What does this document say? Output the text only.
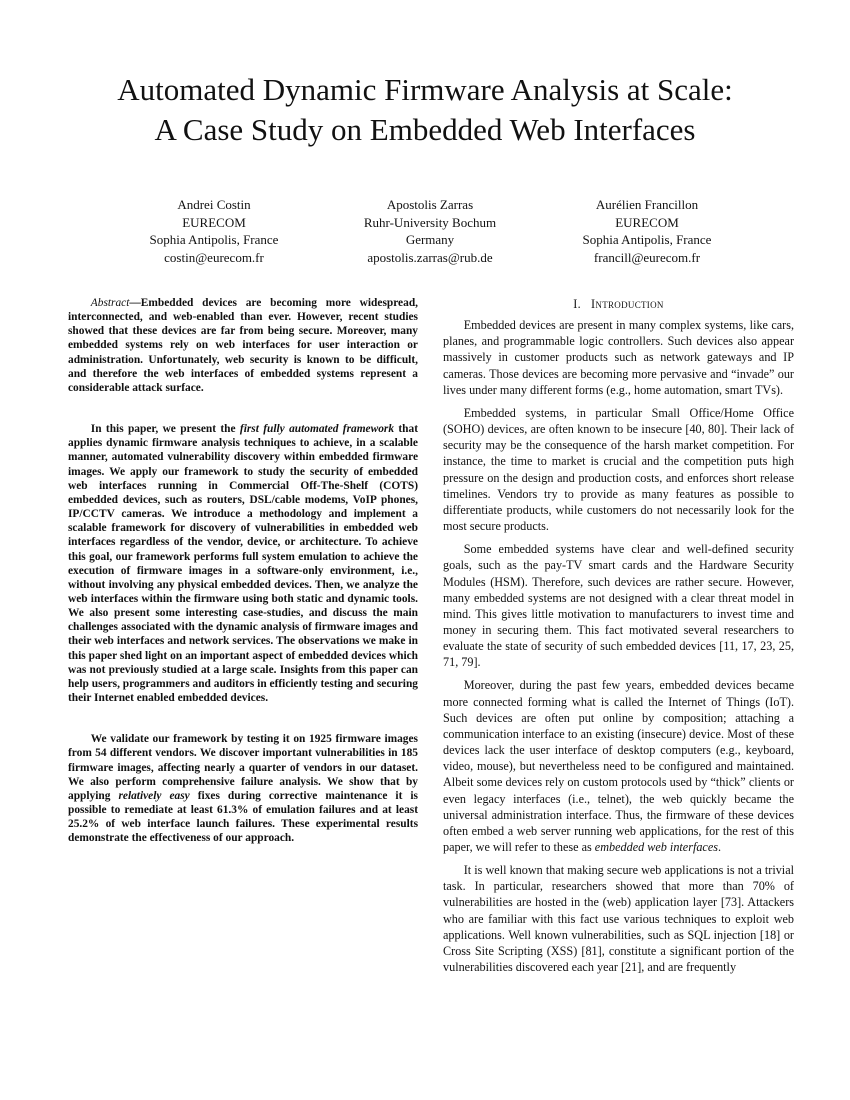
Automated Dynamic Firmware Analysis at Scale:
A Case Study on Embedded Web Interfaces
Andrei Costin
EURECOM
Sophia Antipolis, France
costin@eurecom.fr
Apostolis Zarras
Ruhr-University Bochum
Germany
apostolis.zarras@rub.de
Aurélien Francillon
EURECOM
Sophia Antipolis, France
francill@eurecom.fr

Abstract—Embedded devices are becoming more widespread, interconnected, and web-enabled than ever. However, recent studies showed that these devices are far from being secure. Moreover, many embedded systems rely on web interfaces for user interaction or administration. Unfortunately, web security is known to be difficult, and therefore the web interfaces of embedded systems represent a considerable attack surface.

In this paper, we present the first fully automated framework that applies dynamic firmware analysis techniques to achieve, in a scalable manner, automated vulnerability discovery within embedded firmware images. We apply our framework to study the security of embedded web interfaces running in Commercial Off-The-Shelf (COTS) embedded devices, such as routers, DSL/cable modems, VoIP phones, IP/CCTV cameras. We introduce a methodology and implement a scalable framework for discovery of vulnerabilities in embedded web interfaces regardless of the vendor, device, or architecture. To achieve this goal, our framework performs full system emulation to achieve the execution of firmware images in a software-only environment, i.e., without involving any physical embedded devices. Then, we analyze the web interfaces within the firmware using both static and dynamic tools. We also present some interesting case-studies, and discuss the main challenges associated with the dynamic analysis of firmware images and their web interfaces and network services. The observations we make in this paper shed light on an important aspect of embedded devices which was not previously studied at a large scale. Insights from this paper can help users, programmers and auditors in efficiently testing and securing their Internet enabled embedded devices.

We validate our framework by testing it on 1925 firmware images from 54 different vendors. We discover important vulnerabilities in 185 firmware images, affecting nearly a quarter of vendors in our dataset. We also perform comprehensive failure analysis. We show that by applying relatively easy fixes during corrective maintenance it is possible to remediate at least 61.3% of emulation failures and at least 25.2% of web interface launch failures. These experimental results demonstrate the effectiveness of our approach.

I. Introduction

Embedded devices are present in many complex systems, like cars, planes, and programmable logic controllers. Such devices also appear massively in customer products such as network gateways and IP cameras. Those devices are becoming more pervasive and “invade” our lives under many different forms (e.g., home automation, smart TVs).

Embedded systems, in particular Small Office/Home Office (SOHO) devices, are often known to be insecure [40, 80]. Their lack of security may be the consequence of the harsh market competition. For instance, the time to market is crucial and the competition puts high pressure on the design and production costs, and enforces short release timelines. Vendors try to provide as many features as possible to differentiate products, while customers do not necessarily look for the most secure products.

Some embedded systems have clear and well-defined security goals, such as the pay-TV smart cards and the Hardware Security Modules (HSM). Therefore, such devices are rather secure. However, many embedded systems are not designed with a clear threat model in mind. This gives little motivation to manufacturers to invest time and money in securing them. This fact motivated several researchers to evaluate the state of security of such embedded devices [11, 17, 23, 25, 71, 79].

Moreover, during the past few years, embedded devices became more connected forming what is called the Internet of Things (IoT). Such devices are often put online by composition; attaching a communication interface to an existing (insecure) device. Most of these devices lack the user interface of desktop computers (e.g., keyboard, video, mouse), but nevertheless need to be configured and maintained. Albeit some devices rely on custom protocols used by “thick” clients or even legacy interfaces (i.e., telnet), the web quickly became the universal administration interface. Thus, the firmware of these devices often embed a web server running web applications, for the rest of this paper, we will refer to these as embedded web interfaces.

It is well known that making secure web applications is not a trivial task. In particular, researchers showed that more than 70% of vulnerabilities are hosted in the (web) application layer [73]. Attackers who are familiar with this fact use various techniques to exploit web applications. Well known vulnerabilities, such as SQL injection [18] or Cross Site Scripting (XSS) [81], constitute a significant portion of the vulnerabilities discovered each year [21], and are frequently
